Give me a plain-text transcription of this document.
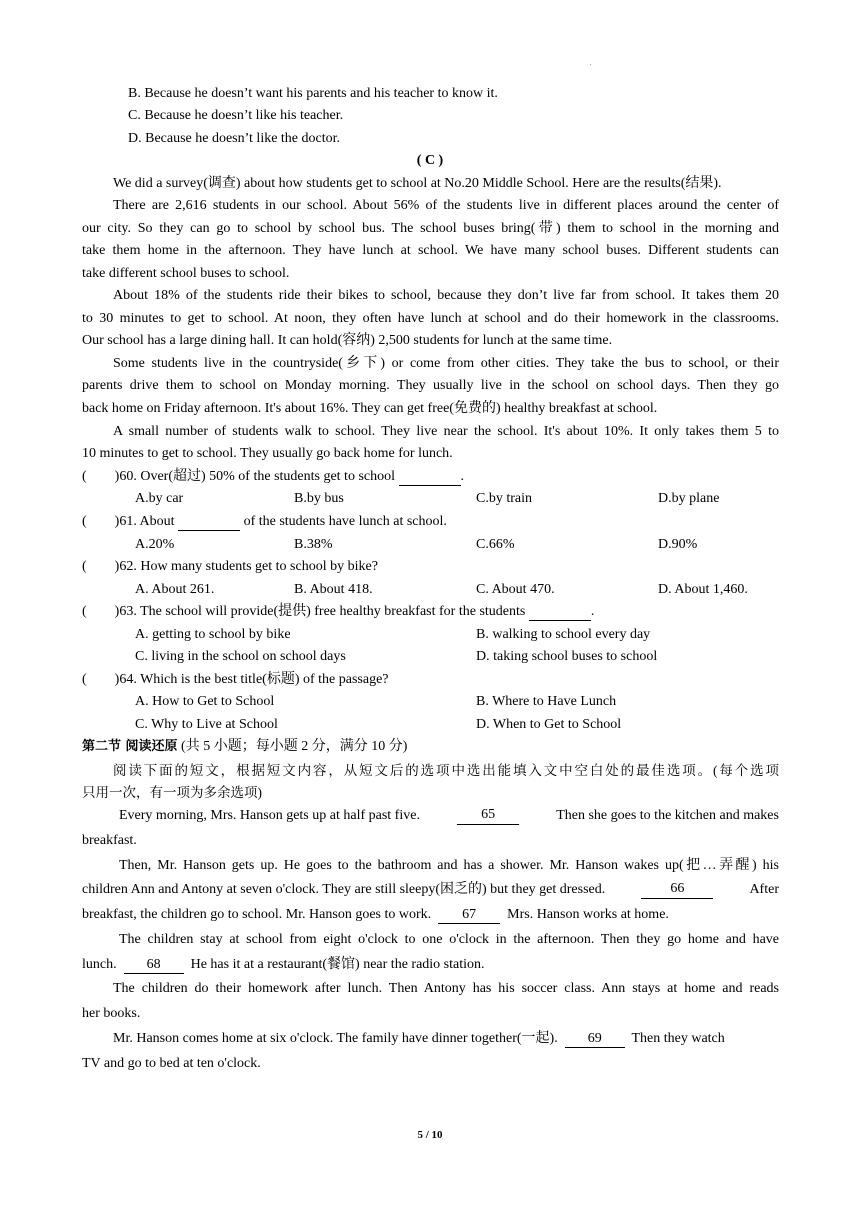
.
B. Because he doesn’t want his parents and his teacher to know it.
C. Because he doesn’t like his teacher.
D. Because he doesn’t like the doctor.
( C )
We did a survey(调查) about how students get to school at No.20 Middle School. Here are the results(结果).
There are 2,616 students in our school. About 56% of the students live in different places around the center of
our city. So they can go to school by school bus. The school buses bring(带) them to school in the morning and
take them home in the afternoon. They have lunch at school. We have many school buses. Different students can
take different school buses to school.
About 18% of the students ride their bikes to school, because they don’t live far from school. It takes them 20
to 30 minutes to get to school. At noon, they often have lunch at school and do their homework in the classrooms.
Our school has a large dining hall. It can hold(容纳) 2,500 students for lunch at the same time.
Some students live in the countryside(乡下) or come from other cities. They take the bus to school, or their
parents drive them to school on Monday morning. They usually live in the school on school days. Then they go
back home on Friday afternoon. It's about 16%. They can get free(免费的) healthy breakfast at school.
A small number of students walk to school. They live near the school. It's about 10%. It only takes them 5 to
10 minutes to get to school. They usually go back home for lunch.
(        )60. Over(超过) 50% of the students get to school	.
A.by car	B.by bus	C.by train	D.by plane
(        )61. About	of the students have lunch at school.
A.20%	B.38%	C.66%	D.90%
(        )62. How many students get to school by bike?
A. About 261.	B. About 418.	C. About 470.	D. About 1,460.
(        )63. The school will provide(提供) free healthy breakfast for the students	.
A. getting to school by bike	B. walking to school every day
C. living in the school on school days	D. taking school buses to school
(        )64. Which is the best title(标题) of the passage?
A. How to Get to School	B. Where to Have Lunch
C. Why to Live at School	D. When to Get to School
第二节 阅读还原 (共 5 小题；每小题 2 分，满分 10 分)
阅读下面的短文，根据短文内容，从短文后的选项中选出能填入文中空白处的最佳选项。(每个选项
只用一次，有一项为多余选项)
Every morning, Mrs. Hanson gets up at half past five.	65	Then she goes to the kitchen and makes
breakfast.
Then, Mr. Hanson gets up. He goes to the bathroom and has a shower. Mr. Hanson wakes up(把…弄醒) his
children Ann and Antony at seven o'clock. They are still sleepy(困乏的) but they get dressed.	66	After
breakfast, the children go to school. Mr. Hanson goes to work. 67 Mrs. Hanson works at home.
The children stay at school from eight o'clock to one o'clock in the afternoon. Then they go home and have
lunch. 68 He has it at a restaurant(餐馆) near the radio station.
The children do their homework after lunch. Then Antony has his soccer class. Ann stays at home and reads
her books.
Mr. Hanson comes home at six o'clock. The family have dinner together(一起). 69 Then they watch
TV and go to bed at ten o'clock.
5 / 10
